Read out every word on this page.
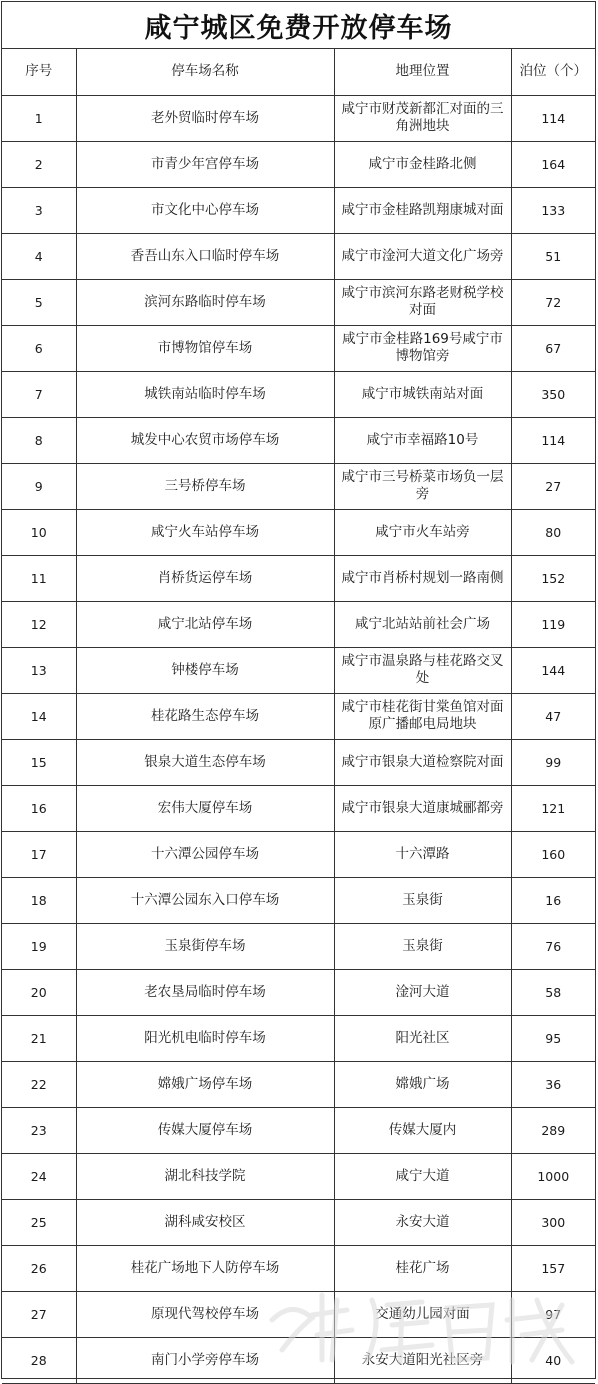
咸宁城区免费开放停车场
序号	停车场名称	地理位置	泊位（个）
1	老外贸临时停车场	咸宁市财茂新都汇对面的三角洲地块	114
2	市青少年宫停车场	咸宁市金桂路北侧	164
3	市文化中心停车场	咸宁市金桂路凯翔康城对面	133
4	香吾山东入口临时停车场	咸宁市淦河大道文化广场旁	51
5	滨河东路临时停车场	咸宁市滨河东路老财税学校对面	72
6	市博物馆停车场	咸宁市金桂路169号咸宁市博物馆旁	67
7	城铁南站临时停车场	咸宁市城铁南站对面	350
8	城发中心农贸市场停车场	咸宁市幸福路10号	114
9	三号桥停车场	咸宁市三号桥菜市场负一层旁	27
10	咸宁火车站停车场	咸宁市火车站旁	80
11	肖桥货运停车场	咸宁市肖桥村规划一路南侧	152
12	咸宁北站停车场	咸宁北站站前社会广场	119
13	钟楼停车场	咸宁市温泉路与桂花路交叉处	144
14	桂花路生态停车场	咸宁市桂花街甘棠鱼馆对面原广播邮电局地块	47
15	银泉大道生态停车场	咸宁市银泉大道检察院对面	99
16	宏伟大厦停车场	咸宁市银泉大道康城郦都旁	121
17	十六潭公园停车场	十六潭路	160
18	十六潭公园东入口停车场	玉泉街	16
19	玉泉街停车场	玉泉街	76
20	老农垦局临时停车场	淦河大道	58
21	阳光机电临时停车场	阳光社区	95
22	嫦娥广场停车场	嫦娥广场	36
23	传媒大厦停车场	传媒大厦内	289
24	湖北科技学院	咸宁大道	1000
25	湖科咸安校区	永安大道	300
26	桂花广场地下人防停车场	桂花广场	157
27	原现代驾校停车场	交通幼儿园对面	97
28	南门小学旁停车场	永安大道阳光社区旁	40
